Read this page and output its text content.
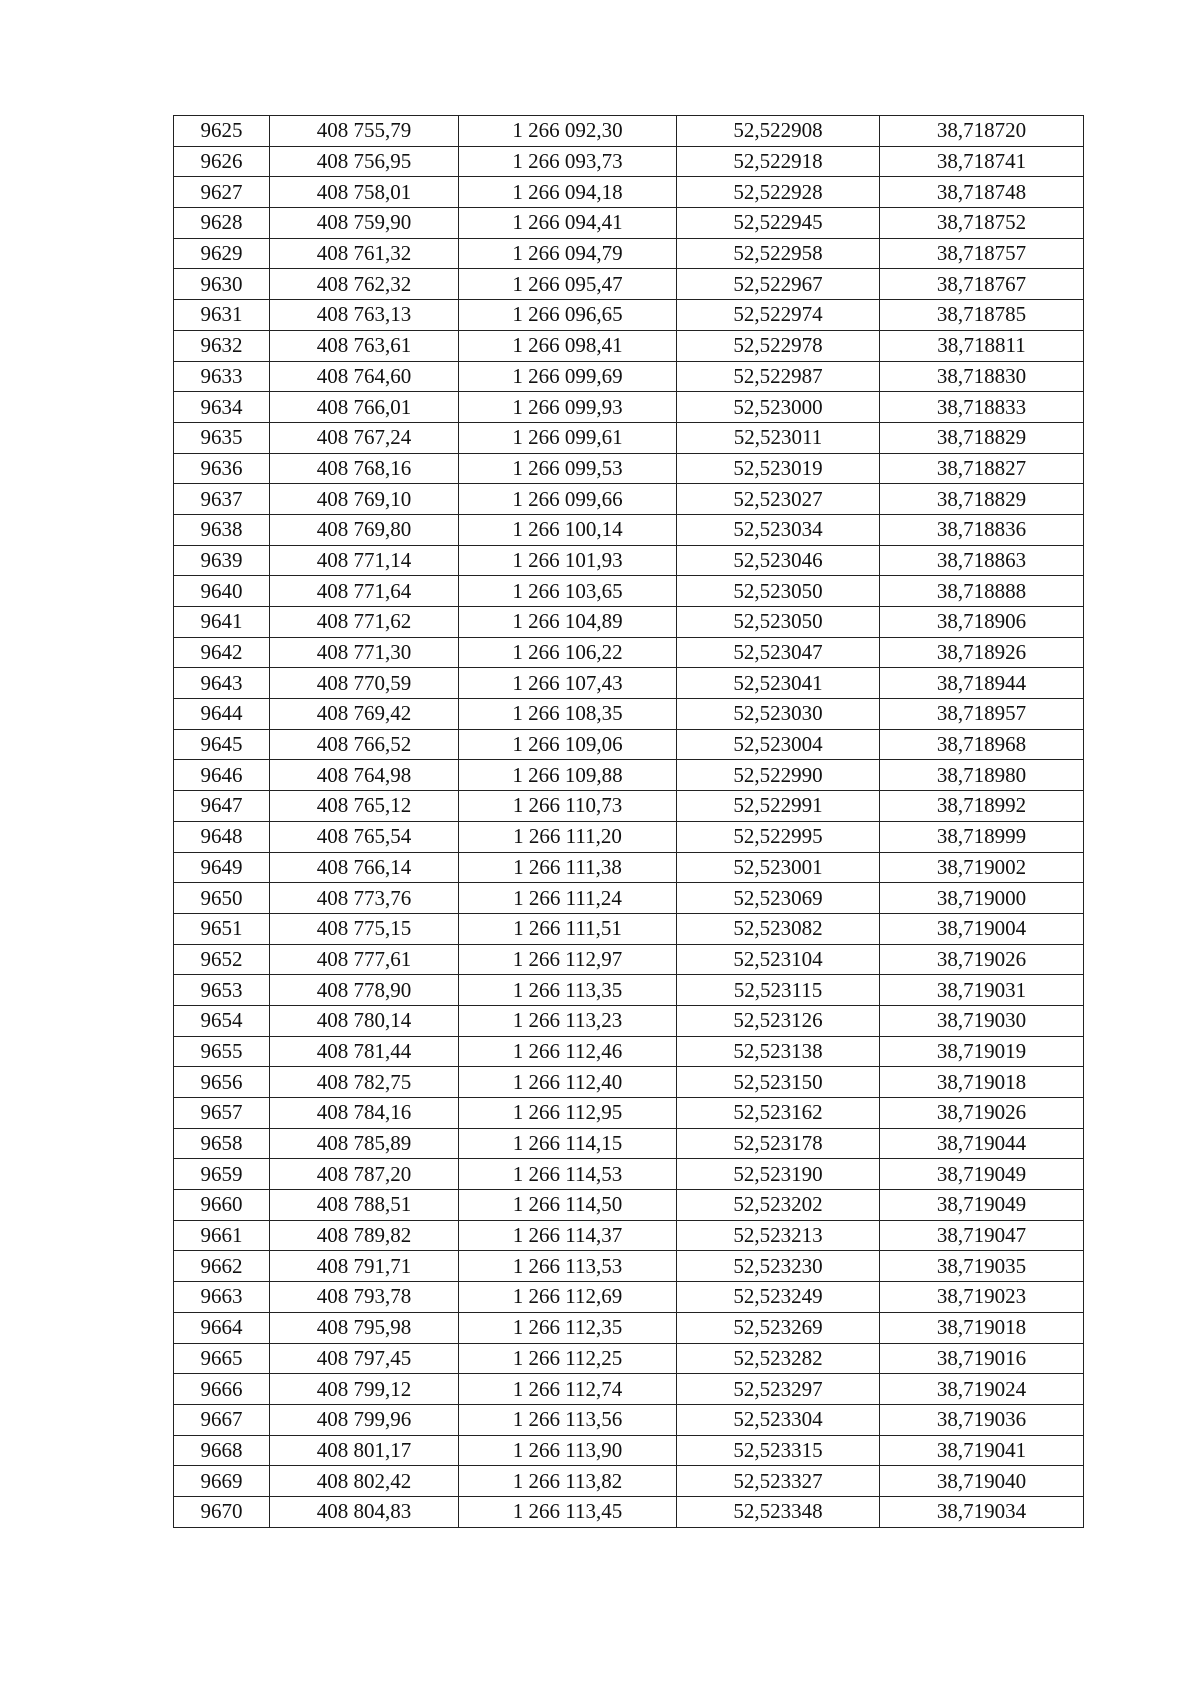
9625	408 755,79	1 266 092,30	52,522908	38,718720
9626	408 756,95	1 266 093,73	52,522918	38,718741
9627	408 758,01	1 266 094,18	52,522928	38,718748
9628	408 759,90	1 266 094,41	52,522945	38,718752
9629	408 761,32	1 266 094,79	52,522958	38,718757
9630	408 762,32	1 266 095,47	52,522967	38,718767
9631	408 763,13	1 266 096,65	52,522974	38,718785
9632	408 763,61	1 266 098,41	52,522978	38,718811
9633	408 764,60	1 266 099,69	52,522987	38,718830
9634	408 766,01	1 266 099,93	52,523000	38,718833
9635	408 767,24	1 266 099,61	52,523011	38,718829
9636	408 768,16	1 266 099,53	52,523019	38,718827
9637	408 769,10	1 266 099,66	52,523027	38,718829
9638	408 769,80	1 266 100,14	52,523034	38,718836
9639	408 771,14	1 266 101,93	52,523046	38,718863
9640	408 771,64	1 266 103,65	52,523050	38,718888
9641	408 771,62	1 266 104,89	52,523050	38,718906
9642	408 771,30	1 266 106,22	52,523047	38,718926
9643	408 770,59	1 266 107,43	52,523041	38,718944
9644	408 769,42	1 266 108,35	52,523030	38,718957
9645	408 766,52	1 266 109,06	52,523004	38,718968
9646	408 764,98	1 266 109,88	52,522990	38,718980
9647	408 765,12	1 266 110,73	52,522991	38,718992
9648	408 765,54	1 266 111,20	52,522995	38,718999
9649	408 766,14	1 266 111,38	52,523001	38,719002
9650	408 773,76	1 266 111,24	52,523069	38,719000
9651	408 775,15	1 266 111,51	52,523082	38,719004
9652	408 777,61	1 266 112,97	52,523104	38,719026
9653	408 778,90	1 266 113,35	52,523115	38,719031
9654	408 780,14	1 266 113,23	52,523126	38,719030
9655	408 781,44	1 266 112,46	52,523138	38,719019
9656	408 782,75	1 266 112,40	52,523150	38,719018
9657	408 784,16	1 266 112,95	52,523162	38,719026
9658	408 785,89	1 266 114,15	52,523178	38,719044
9659	408 787,20	1 266 114,53	52,523190	38,719049
9660	408 788,51	1 266 114,50	52,523202	38,719049
9661	408 789,82	1 266 114,37	52,523213	38,719047
9662	408 791,71	1 266 113,53	52,523230	38,719035
9663	408 793,78	1 266 112,69	52,523249	38,719023
9664	408 795,98	1 266 112,35	52,523269	38,719018
9665	408 797,45	1 266 112,25	52,523282	38,719016
9666	408 799,12	1 266 112,74	52,523297	38,719024
9667	408 799,96	1 266 113,56	52,523304	38,719036
9668	408 801,17	1 266 113,90	52,523315	38,719041
9669	408 802,42	1 266 113,82	52,523327	38,719040
9670	408 804,83	1 266 113,45	52,523348	38,719034
